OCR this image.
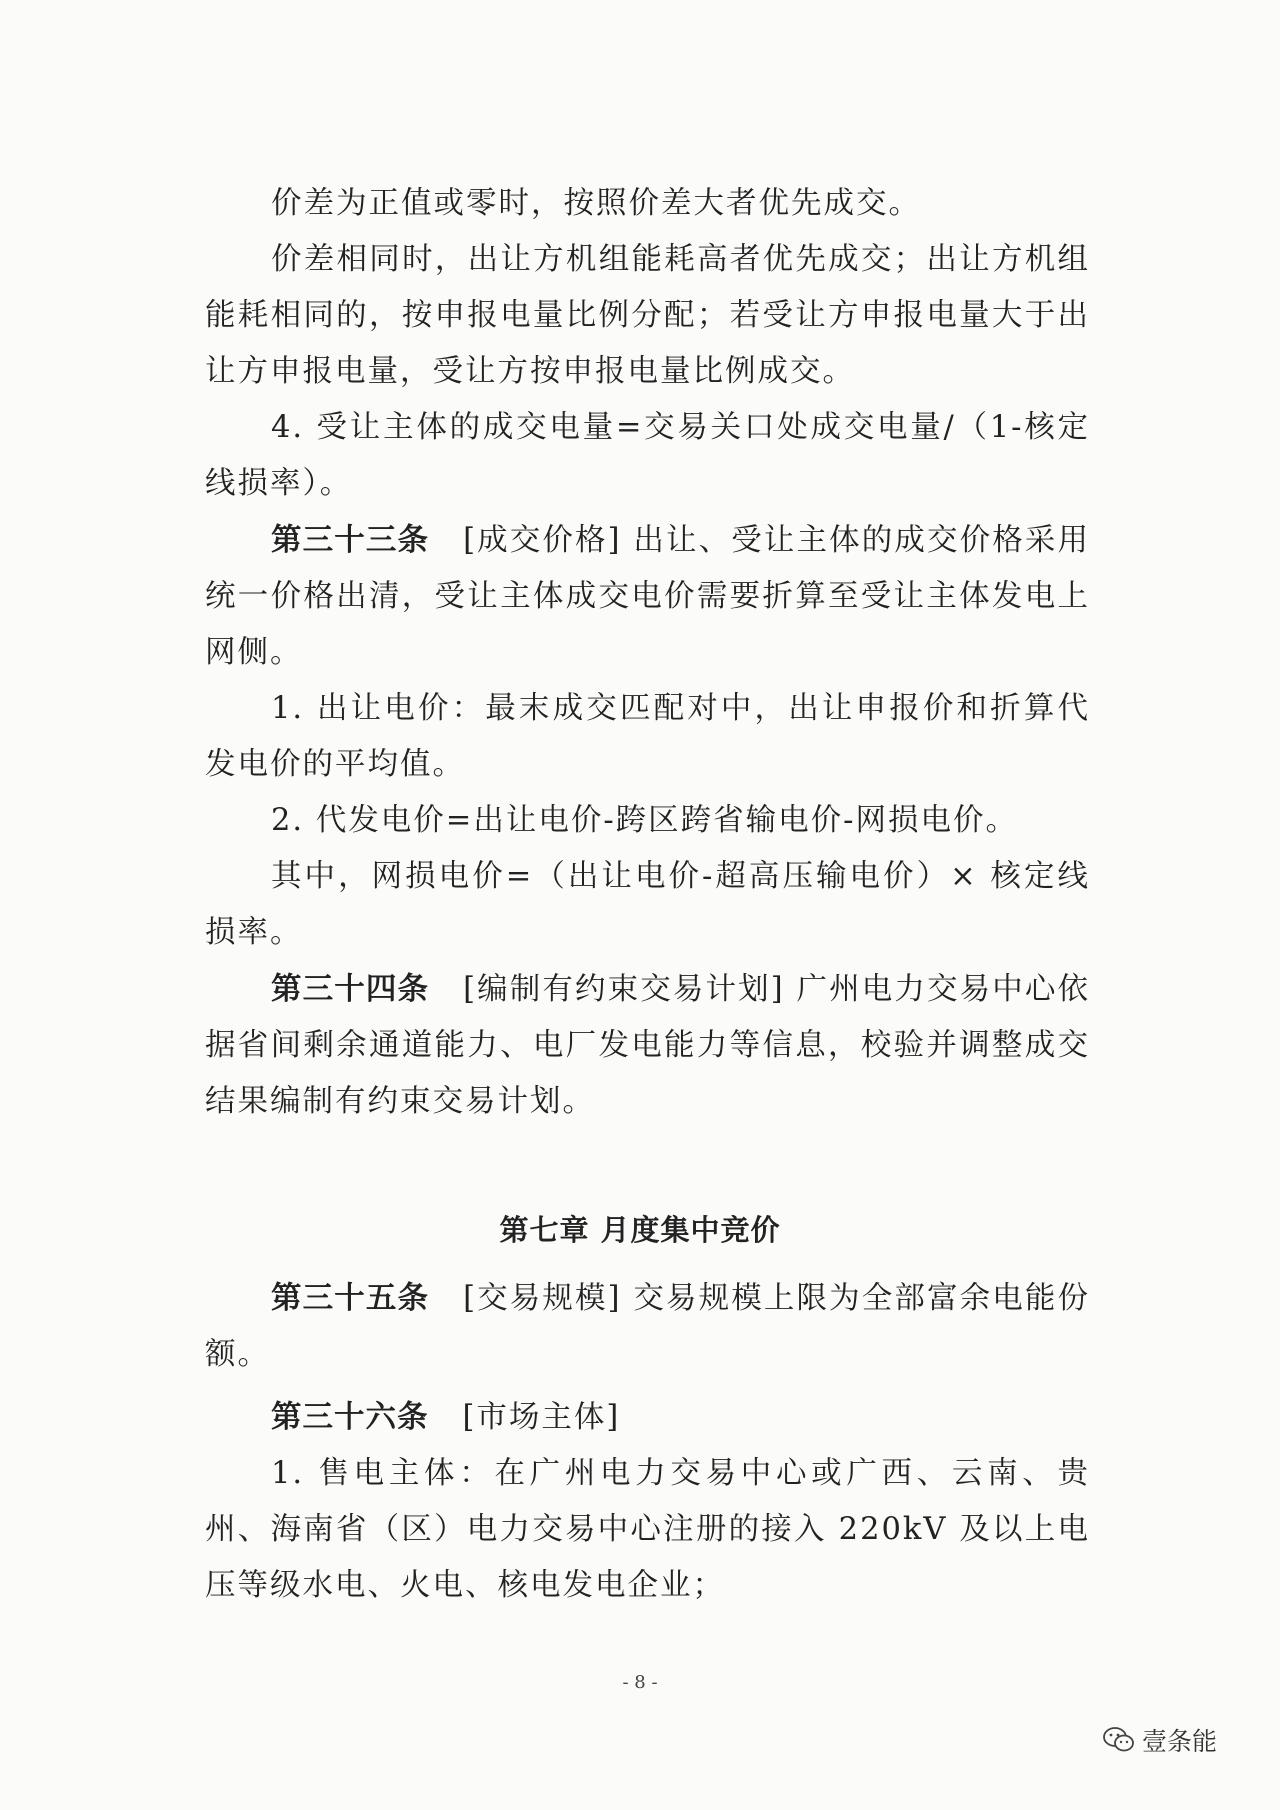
价差为正值或零时，按照价差大者优先成交。

价差相同时，出让方机组能耗高者优先成交；出让方机组能耗相同的，按申报电量比例分配；若受让方申报电量大于出让方申报电量，受让方按申报电量比例成交。

4. 受让主体的成交电量=交易关口处成交电量/（1-核定线损率）。

第三十三条 [成交价格] 出让、受让主体的成交价格采用统一价格出清，受让主体成交电价需要折算至受让主体发电上网侧。

1. 出让电价：最末成交匹配对中，出让申报价和折算代发电价的平均值。

2. 代发电价=出让电价-跨区跨省输电价-网损电价。

其中，网损电价=（出让电价-超高压输电价）× 核定线损率。

第三十四条 [编制有约束交易计划] 广州电力交易中心依据省间剩余通道能力、电厂发电能力等信息，校验并调整成交结果编制有约束交易计划。

第七章 月度集中竞价

第三十五条 [交易规模] 交易规模上限为全部富余电能份额。

第三十六条 [市场主体]

1. 售电主体：在广州电力交易中心或广西、云南、贵州、海南省（区）电力交易中心注册的接入 220kV 及以上电压等级水电、火电、核电发电企业；

- 8 -
壹条能
